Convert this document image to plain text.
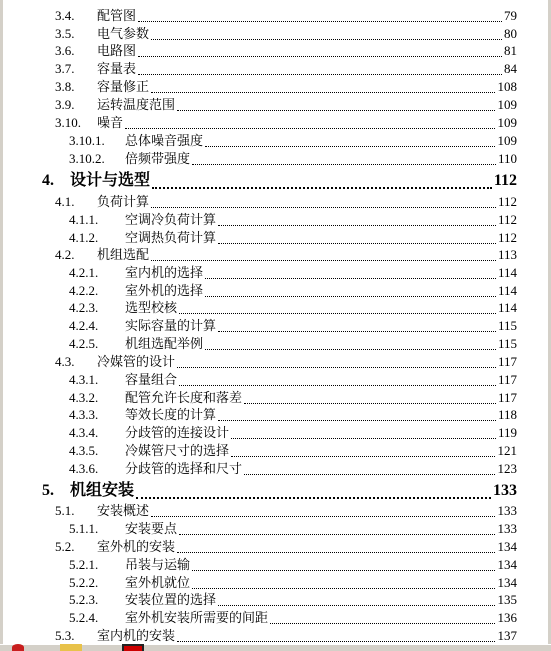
3.4. 配管图	79
3.5. 电气参数	80
3.6. 电路图	81
3.7. 容量表	84
3.8. 容量修正	108
3.9. 运转温度范围	109
3.10. 噪音	109
3.10.1. 总体噪音强度	109
3.10.2. 倍频带强度	110
4. 设计与选型	112
4.1. 负荷计算	112
4.1.1. 空调冷负荷计算	112
4.1.2. 空调热负荷计算	112
4.2. 机组选配	113
4.2.1. 室内机的选择	114
4.2.2. 室外机的选择	114
4.2.3. 选型校核	114
4.2.4. 实际容量的计算	115
4.2.5. 机组选配举例	115
4.3. 冷媒管的设计	117
4.3.1. 容量组合	117
4.3.2. 配管允许长度和落差	117
4.3.3. 等效长度的计算	118
4.3.4. 分歧管的连接设计	119
4.3.5. 冷媒管尺寸的选择	121
4.3.6. 分歧管的选择和尺寸	123
5. 机组安装	133
5.1. 安装概述	133
5.1.1. 安装要点	133
5.2. 室外机的安装	134
5.2.1. 吊装与运输	134
5.2.2. 室外机就位	134
5.2.3. 安装位置的选择	135
5.2.4. 室外机安装所需要的间距	136
5.3. 室内机的安装	137
